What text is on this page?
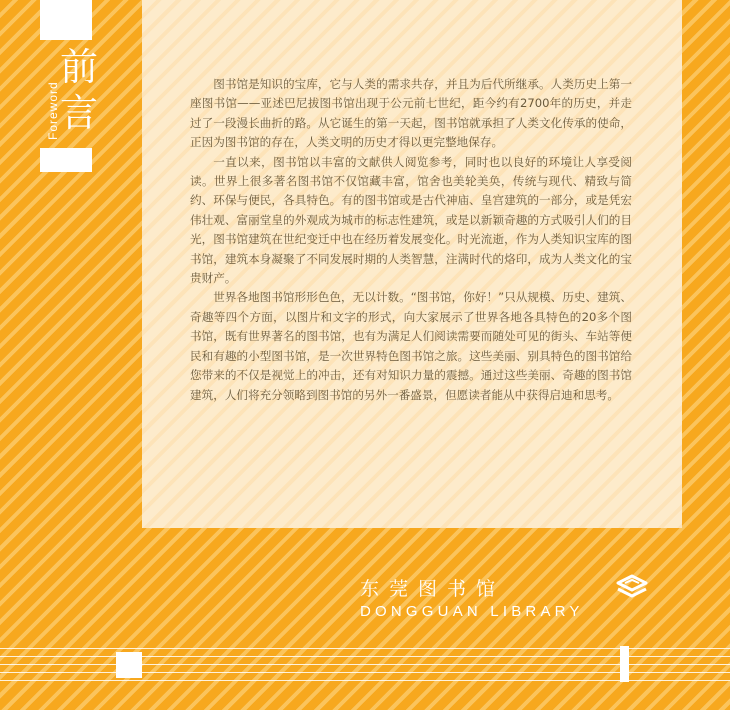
前
言
Foreword	图书馆是知识的宝库，它与人类的需求共存，并且为后代所继承。人类历史上第一座图书馆——亚述巴尼拔图书馆出现于公元前七世纪，距今约有2700年的历史，并走过了一段漫长曲折的路。从它诞生的第一天起，图书馆就承担了人类文化传承的使命，正因为图书馆的存在，人类文明的历史才得以更完整地保存。

一直以来，图书馆以丰富的文献供人阅览参考，同时也以良好的环境让人享受阅读。世界上很多著名图书馆不仅馆藏丰富，馆舍也美轮美奂，传统与现代、精致与简约、环保与便民，各具特色。有的图书馆或是古代神庙、皇宫建筑的一部分，或是凭宏伟壮观、富丽堂皇的外观成为城市的标志性建筑，或是以新颖奇趣的方式吸引人们的目光，图书馆建筑在世纪变迁中也在经历着发展变化。时光流逝，作为人类知识宝库的图书馆，建筑本身凝聚了不同发展时期的人类智慧，注满时代的烙印，成为人类文化的宝贵财产。

世界各地图书馆形形色色，无以计数。“图书馆，你好！”只从规模、历史、建筑、奇趣等四个方面，以图片和文字的形式，向大家展示了世界各地各具特色的20多个图书馆，既有世界著名的图书馆，也有为满足人们阅读需要而随处可见的街头、车站等便民和有趣的小型图书馆，是一次世界特色图书馆之旅。这些美丽、别具特色的图书馆给您带来的不仅是视觉上的冲击，还有对知识力量的震撼。通过这些美丽、奇趣的图书馆建筑，人们将充分领略到图书馆的另外一番盛景，但愿读者能从中获得启迪和思考。

东莞图书馆
DONGGUAN LIBRARY
